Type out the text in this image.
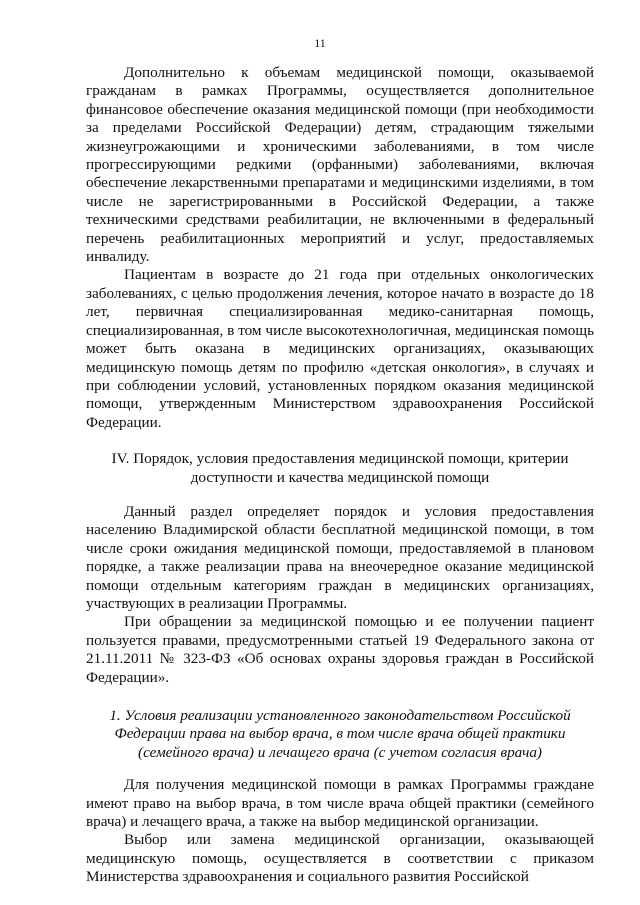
11

Дополнительно к объемам медицинской помощи, оказываемой гражданам в рамках Программы, осуществляется дополнительное финансовое обеспечение оказания медицинской помощи (при необходимости за пределами Российской Федерации) детям, страдающим тяжелыми жизнеугрожающими и хроническими заболеваниями, в том числе прогрессирующими редкими (орфанными) заболеваниями, включая обеспечение лекарственными препаратами и медицинскими изделиями, в том числе не зарегистрированными в Российской Федерации, а также техническими средствами реабилитации, не включенными в федеральный перечень реабилитационных мероприятий и услуг, предоставляемых инвалиду.

Пациентам в возрасте до 21 года при отдельных онкологических заболеваниях, с целью продолжения лечения, которое начато в возрасте до 18 лет, первичная специализированная медико-санитарная помощь, специализированная, в том числе высокотехнологичная, медицинская помощь может быть оказана в медицинских организациях, оказывающих медицинскую помощь детям по профилю «детская онкология», в случаях и при соблюдении условий, установленных порядком оказания медицинской помощи, утвержденным Министерством здравоохранения Российской Федерации.

IV. Порядок, условия предоставления медицинской помощи, критерии доступности и качества медицинской помощи

Данный раздел определяет порядок и условия предоставления населению Владимирской области бесплатной медицинской помощи, в том числе сроки ожидания медицинской помощи, предоставляемой в плановом порядке, а также реализации права на внеочередное оказание медицинской помощи отдельным категориям граждан в медицинских организациях, участвующих в реализации Программы.

При обращении за медицинской помощью и ее получении пациент пользуется правами, предусмотренными статьей 19 Федерального закона от 21.11.2011 № 323-ФЗ «Об основах охраны здоровья граждан в Российской Федерации».

1. Условия реализации установленного законодательством Российской Федерации права на выбор врача, в том числе врача общей практики (семейного врача) и лечащего врача (с учетом согласия врача)

Для получения медицинской помощи в рамках Программы граждане имеют право на выбор врача, в том числе врача общей практики (семейного врача) и лечащего врача, а также на выбор медицинской организации.

Выбор или замена медицинской организации, оказывающей медицинскую помощь, осуществляется в соответствии с приказом Министерства здравоохранения и социального развития Российской
